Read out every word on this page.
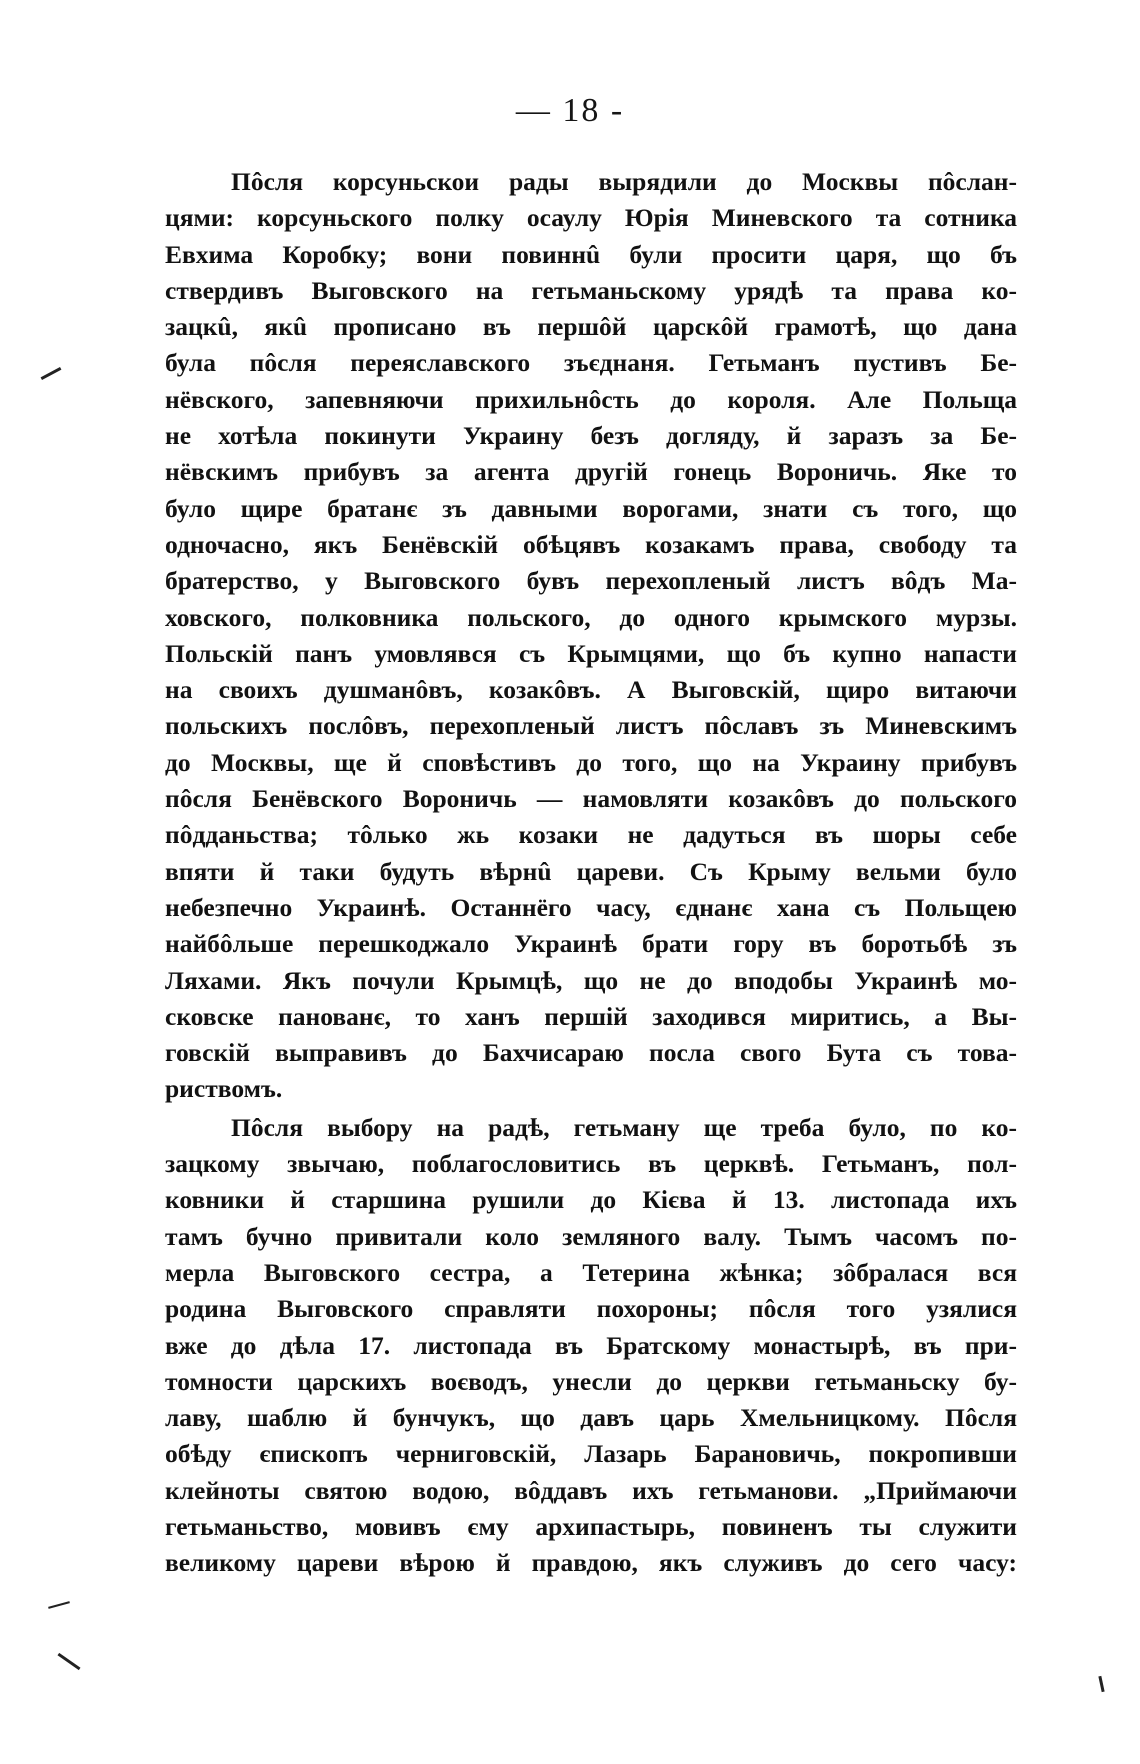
— 18 -
Пôсля корсуньскои рады вырядили до Москвы пôслан-
цями: корсуньского полку осаулу Юрія Миневского та сотника
Евхима Коробку; вони повиннû були просити царя, що бъ
ствердивъ Выговского на гетьманьскому урядѣ та права ко-
зацкû, якû прописано въ першôй царскôй грамотѣ, що дана
була пôсля переяславского зъєднаня. Гетьманъ пустивъ Бе-
нёвского, запевняючи прихильнôсть до короля. Але Польща
не хотѣла покинути Украину безъ догляду, й заразъ за Бе-
нёвскимъ прибувъ за агента другій гонець Вороничь. Яке то
було щире братанє зъ давными ворогами, знати съ того, що
одночасно, якъ Бенёвскій обѣцявъ козакамъ права, свободу та
братерство, у Выговского бувъ перехопленый листъ вôдъ Ма-
ховского, полковника польского, до одного крымского мурзы.
Польскій панъ умовлявся съ Крымцями, що бъ купно напасти
на своихъ душманôвъ, козакôвъ. А Выговскій, щиро витаючи
польскихъ послôвъ, перехопленый листъ пôславъ зъ Миневскимъ
до Москвы, ще й сповѣстивъ до того, що на Украину прибувъ
пôсля Бенёвского Вороничь — намовляти козакôвъ до польского
пôдданьства; тôлько жь козаки не дадуться въ шоры себе
впяти й таки будуть вѣрнû цареви. Съ Крыму вельми було
небезпечно Украинѣ. Останнёго часу, єднанє хана съ Польщею
найбôльше перешкоджало Украинѣ брати гору въ боротьбѣ зъ
Ляхами. Якъ почули Крымцѣ, що не до вподобы Украинѣ мо-
сковске панованє, то ханъ першій заходився миритись, а Вы-
говскій выправивъ до Бахчисараю посла свого Бута съ това-
риствомъ.
Пôсля выбору на радѣ, гетьману ще треба було, по ко-
зацкому звычаю, поблагословитись въ церквѣ. Гетьманъ, пол-
ковники й старшина рушили до Кієва й 13. листопада ихъ
тамъ бучно привитали коло земляного валу. Тымъ часомъ по-
мерла Выговского сестра, а Тетерина жѣнка; зôбралася вся
родина Выговского справляти похороны; пôсля того узялися
вже до дѣла 17. листопада въ Братскому монастырѣ, въ при-
томности царскихъ воєводъ, унесли до церкви гетьманьску бу-
лаву, шаблю й бунчукъ, що давъ царь Хмельницкому. Пôсля
обѣду єпископъ черниговскій, Лазарь Барановичь, покропивши
клейноты святою водою, вôддавъ ихъ гетьманови. „Приймаючи
гетьманьство, мовивъ єму архипастырь, повиненъ ты служити
великому цареви вѣрою й правдою, якъ служивъ до сего часу:
